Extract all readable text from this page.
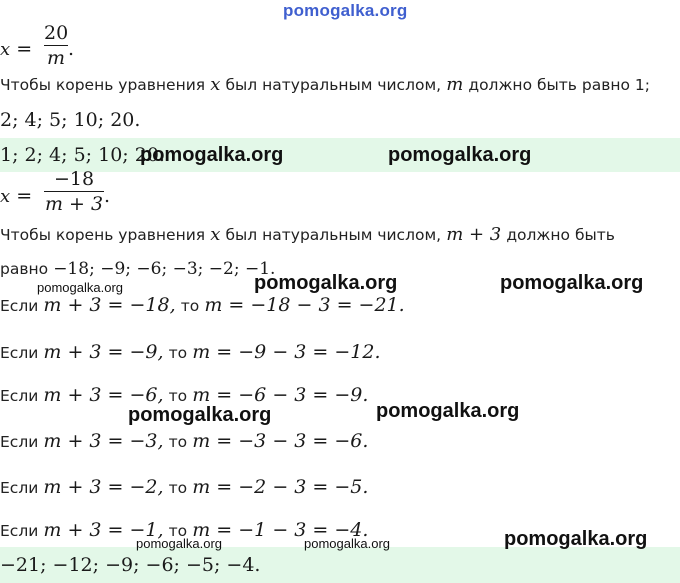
pomogalka.org
x =
20
m .
Чтобы корень уравнения x был натуральным числом, m должно быть равно 1;
2; 4; 5; 10; 20.
1; 2; 4; 5; 10; 20.
pomogalka.org	pomogalka.org
x =
−18
m + 3 .
Чтобы корень уравнения x был натуральным числом, m + 3 должно быть
равно −18; −9; −6; −3; −2; −1.
pomogalka.org	pomogalka.org	pomogalka.org
Если m + 3 = −18, то m = −18 − 3 = −21.
Если m + 3 = −9, то m = −9 − 3 = −12.
Если m + 3 = −6, то m = −6 − 3 = −9.
pomogalka.org	pomogalka.org
Если m + 3 = −3, то m = −3 − 3 = −6.
Если m + 3 = −2, то m = −2 − 3 = −5.
Если m + 3 = −1, то m = −1 − 3 = −4.
pomogalka.org	pomogalka.org	pomogalka.org
−21; −12; −9; −6; −5; −4.
